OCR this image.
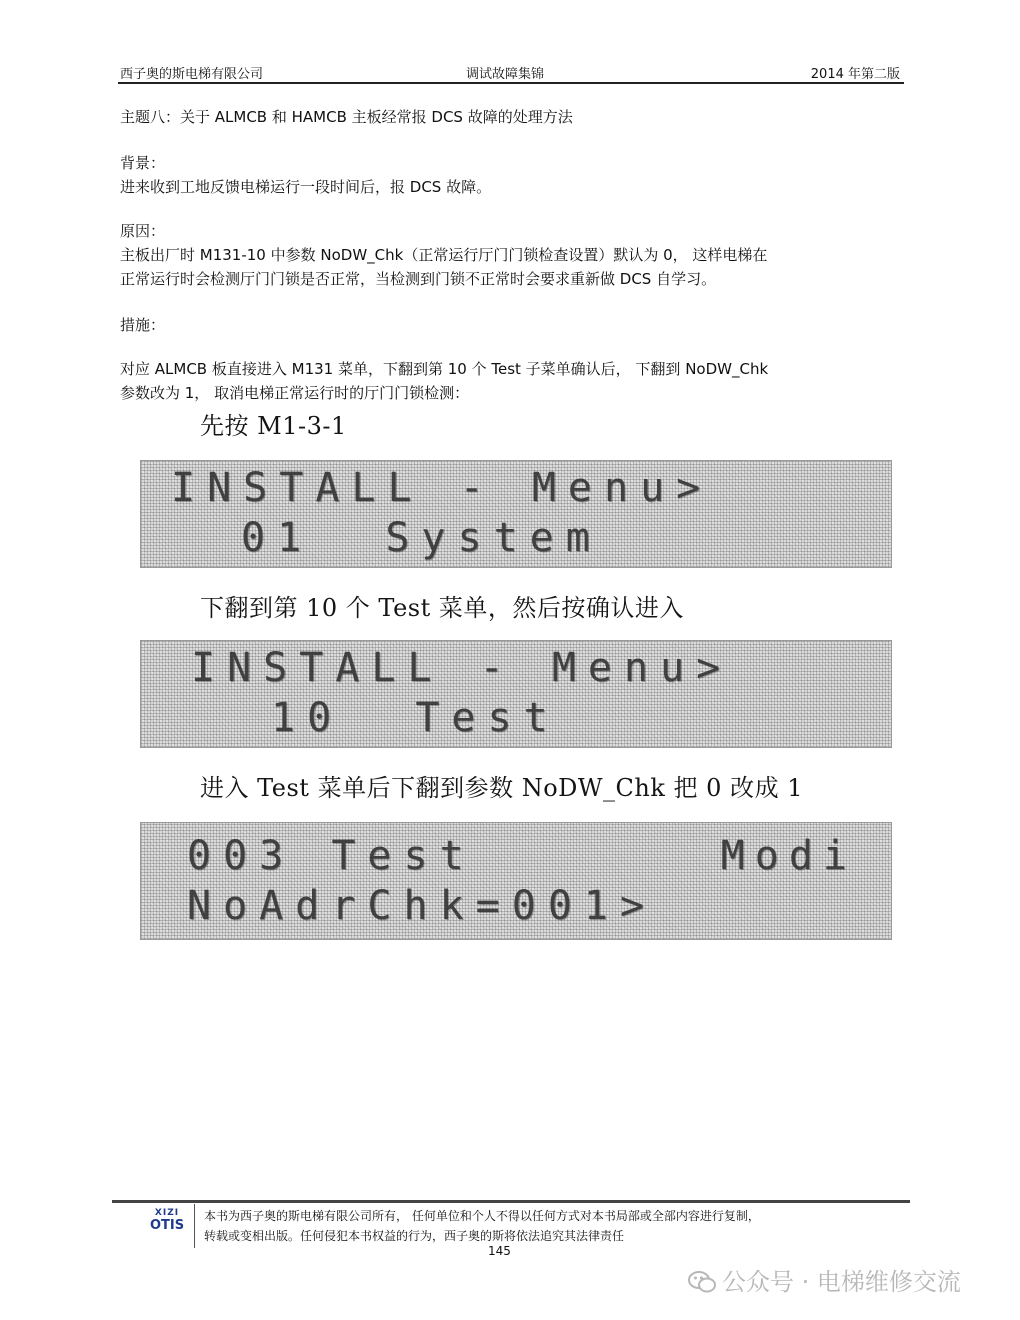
西子奥的斯电梯有限公司	调试故障集锦	2014 年第二版
主题八：关于 ALMCB 和 HAMCB 主板经常报 DCS 故障的处理方法
背景：
进来收到工地反馈电梯运行一段时间后，报 DCS 故障。
原因：
主板出厂时 M131-10 中参数 NoDW_Chk（正常运行厅门门锁检查设置）默认为 0， 这样电梯在
正常运行时会检测厅门门锁是否正常，当检测到门锁不正常时会要求重新做 DCS 自学习。
措施：
对应 ALMCB 板直接进入 M131 菜单，下翻到第 10 个 Test 子菜单确认后， 下翻到 NoDW_Chk
参数改为 1， 取消电梯正常运行时的厅门门锁检测：
先按 M1-3-1
INSTALL - Menu>
01  System
下翻到第 10 个 Test 菜单，然后按确认进入
INSTALL - Menu>
10  Test
进入 Test 菜单后下翻到参数 NoDW_Chk 把 0 改成 1
003 Test	Modi
NoAdrChk=001>
XIZI
OTIS
本书为西子奥的斯电梯有限公司所有， 任何单位和个人不得以任何方式对本书局部或全部内容进行复制，
转载或变相出版。任何侵犯本书权益的行为，西子奥的斯将依法追究其法律责任
145
公众号 · 电梯维修交流
